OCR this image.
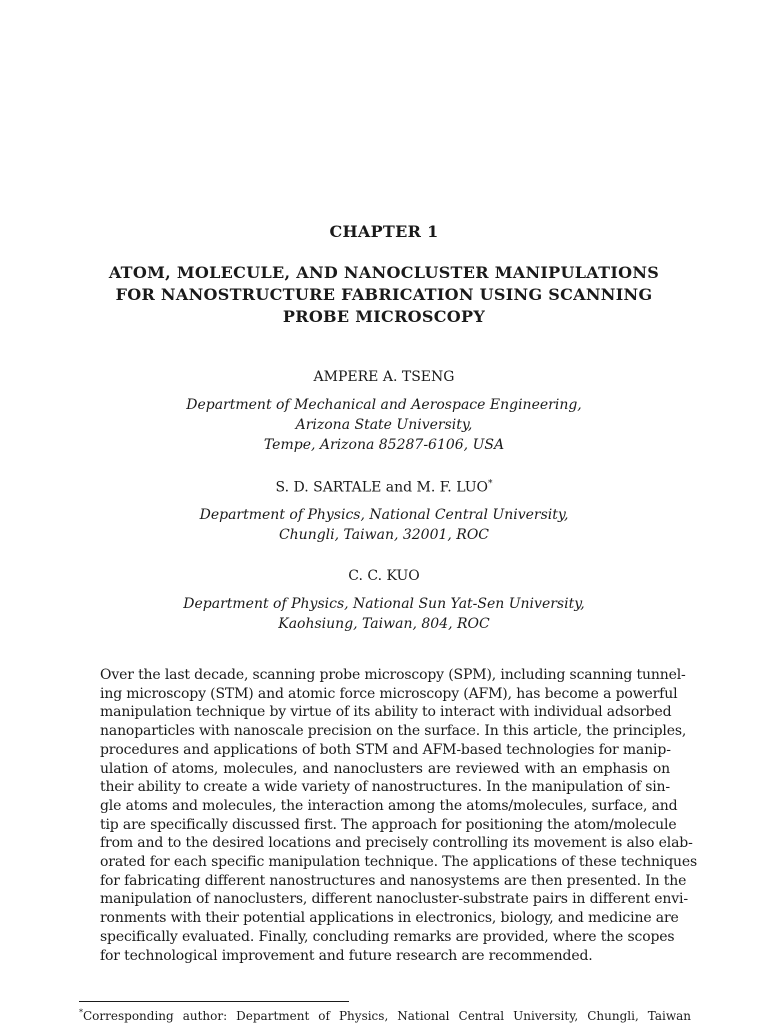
CHAPTER 1
ATOM, MOLECULE, AND NANOCLUSTER MANIPULATIONS
FOR NANOSTRUCTURE FABRICATION USING SCANNING
PROBE MICROSCOPY
AMPERE A. TSENG
Department of Mechanical and Aerospace Engineering,
Arizona State University,
Tempe, Arizona 85287-6106, USA
S. D. SARTALE and M. F. LUO*
Department of Physics, National Central University,
Chungli, Taiwan, 32001, ROC
C. C. KUO
Department of Physics, National Sun Yat-Sen University,
Kaohsiung, Taiwan, 804, ROC
Over the last decade, scanning probe microscopy (SPM), including scanning tunnel-
ing microscopy (STM) and atomic force microscopy (AFM), has become a powerful
manipulation technique by virtue of its ability to interact with individual adsorbed
nanoparticles with nanoscale precision on the surface. In this article, the principles,
procedures and applications of both STM and AFM-based technologies for manip-
ulation of atoms, molecules, and nanoclusters are reviewed with an emphasis on
their ability to create a wide variety of nanostructures. In the manipulation of sin-
gle atoms and molecules, the interaction among the atoms/molecules, surface, and
tip are specifically discussed first. The approach for positioning the atom/molecule
from and to the desired locations and precisely controlling its movement is also elab-
orated for each specific manipulation technique. The applications of these techniques
for fabricating different nanostructures and nanosystems are then presented. In the
manipulation of nanoclusters, different nanocluster-substrate pairs in different envi-
ronments with their potential applications in electronics, biology, and medicine are
specifically evaluated. Finally, concluding remarks are provided, where the scopes
for technological improvement and future research are recommended.
*Corresponding author: Department of Physics, National Central University, Chungli, Taiwan
